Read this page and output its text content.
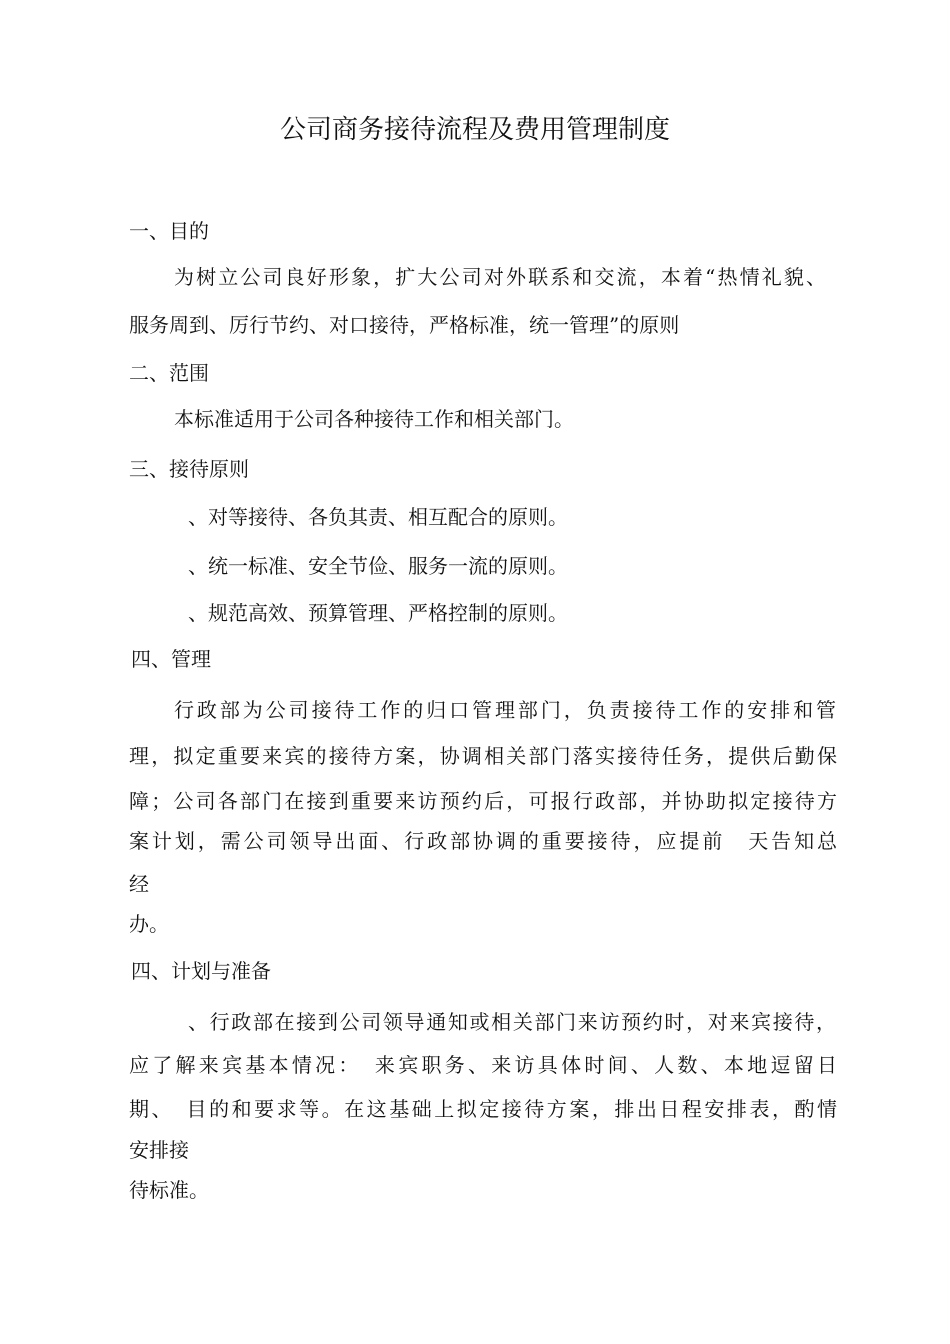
公司商务接待流程及费用管理制度
一、目的
为树立公司良好形象，扩大公司对外联系和交流，本着“热情礼貌、
服务周到、厉行节约、对口接待，严格标准，统一管理”的原则
二、范围
本标准适用于公司各种接待工作和相关部门。
三、接待原则
、对等接待、各负其责、相互配合的原则。
、统一标准、安全节俭、服务一流的原则。
、规范高效、预算管理、严格控制的原则。
四、管理
行政部为公司接待工作的归口管理部门，负责接待工作的安排和管
理，拟定重要来宾的接待方案，协调相关部门落实接待任务，提供后勤保
障；公司各部门在接到重要来访预约后，可报行政部，并协助拟定接待方
案计划，需公司领导出面、行政部协调的重要接待，应提前　天告知总
经
办。
四、计划与准备
、行政部在接到公司领导通知或相关部门来访预约时，对来宾接待，
应了解来宾基本情况：　来宾职务、来访具体时间、人数、本地逗留日
期、　目的和要求等。在这基础上拟定接待方案，排出日程安排表，酌情
安排接
待标准。
